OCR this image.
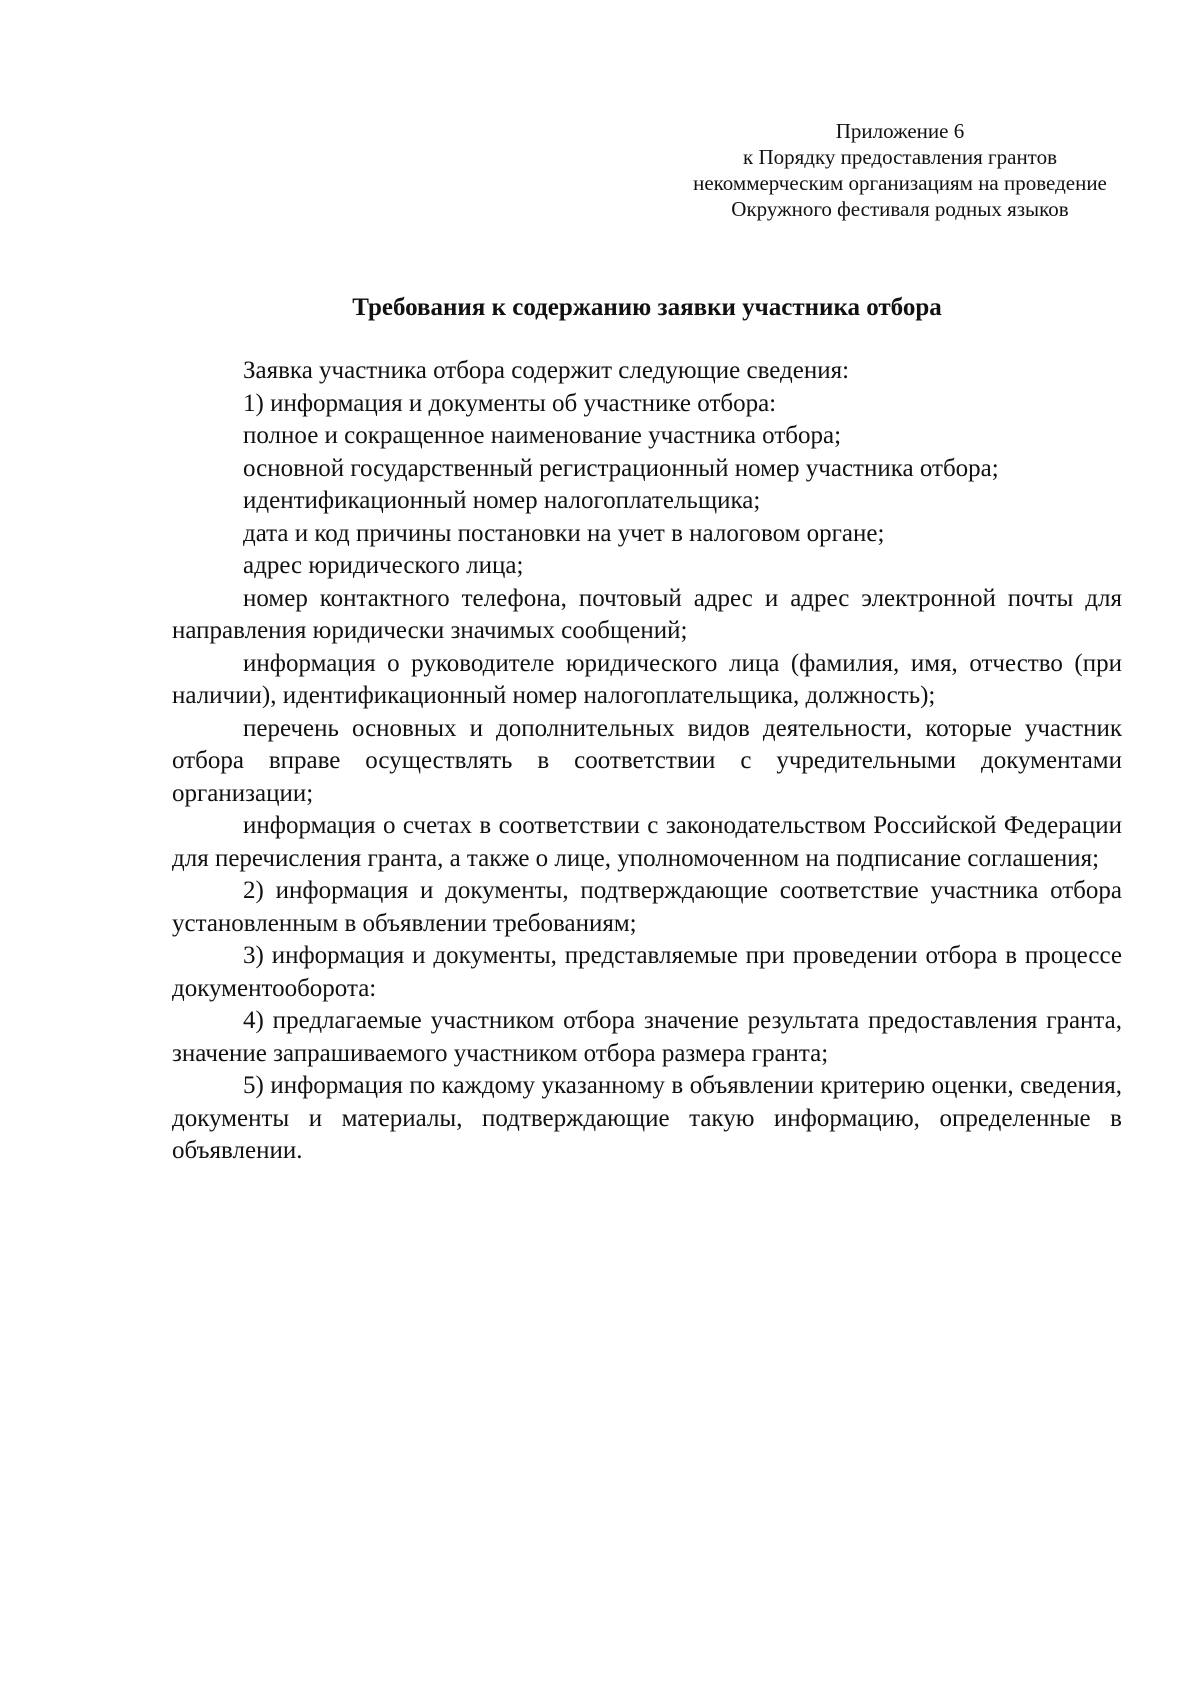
Приложение 6
к Порядку предоставления грантов
некоммерческим организациям на проведение
Окружного фестиваля родных языков
Требования к содержанию заявки участника отбора

Заявка участника отбора содержит следующие сведения:

1) информация и документы об участнике отбора:

полное и сокращенное наименование участника отбора;

основной государственный регистрационный номер участника отбора;

идентификационный номер налогоплательщика;

дата и код причины постановки на учет в налоговом органе;

адрес юридического лица;

номер контактного телефона, почтовый адрес и адрес электронной почты для направления юридически значимых сообщений;

информация о руководителе юридического лица (фамилия, имя, отчество (при наличии), идентификационный номер налогоплательщика, должность);

перечень основных и дополнительных видов деятельности, которые участник отбора вправе осуществлять в соответствии с учредительными документами организации;

информация о счетах в соответствии с законодательством Российской Федерации для перечисления гранта, а также о лице, уполномоченном на подписание соглашения;

2) информация и документы, подтверждающие соответствие участника отбора установленным в объявлении требованиям;

3) информация и документы, представляемые при проведении отбора в процессе документооборота:

4) предлагаемые участником отбора значение результата предоставления гранта, значение запрашиваемого участником отбора размера гранта;

5) информация по каждому указанному в объявлении критерию оценки, сведения, документы и материалы, подтверждающие такую информацию, определенные в объявлении.
